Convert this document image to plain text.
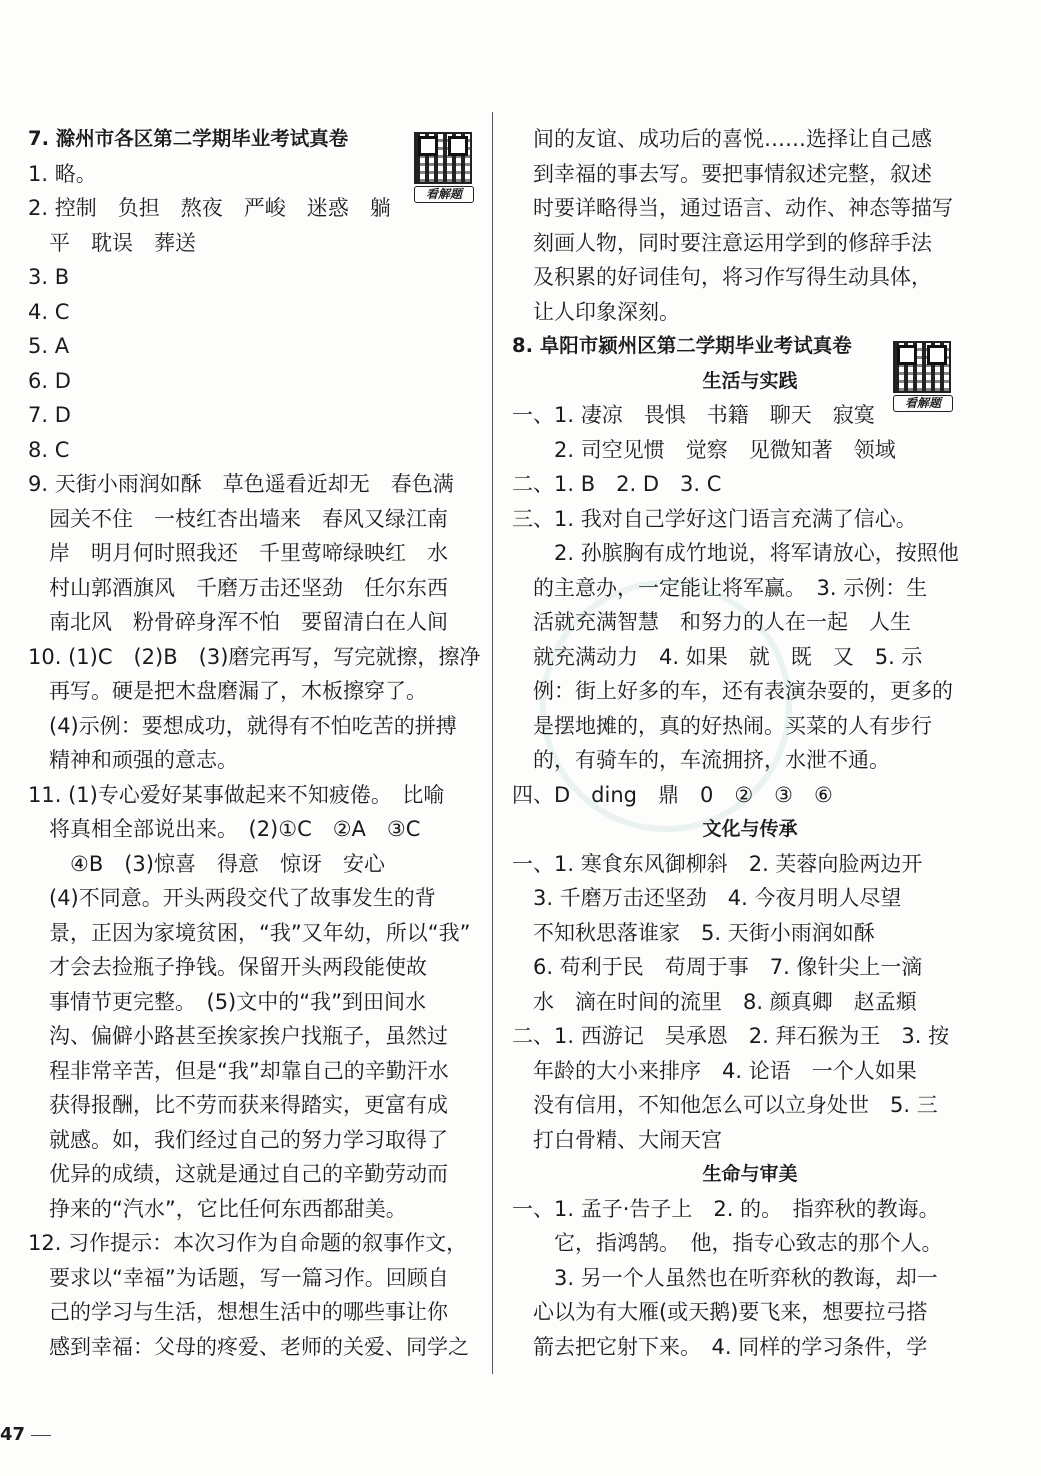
7. 滁州市各区第二学期毕业考试真卷
1. 略。
2. 控制　负担　熬夜　严峻　迷惑　躺
　平　耽误　葬送
3. B
4. C
5. A
6. D
7. D
8. C
9. 天街小雨润如酥　草色遥看近却无　春色满
　园关不住　一枝红杏出墙来　春风又绿江南
　岸　明月何时照我还　千里莺啼绿映红　水
　村山郭酒旗风　千磨万击还坚劲　任尔东西
　南北风　粉骨碎身浑不怕　要留清白在人间
10. (1)C　(2)B　(3)磨完再写，写完就擦，擦净
　再写。硬是把木盘磨漏了，木板擦穿了。
　(4)示例：要想成功，就得有不怕吃苦的拼搏
　精神和顽强的意志。
11. (1)专心爱好某事做起来不知疲倦。　比喻
　将真相全部说出来。　(2)①C　②A　③C
　　④B　(3)惊喜　得意　惊讶　安心
　(4)不同意。开头两段交代了故事发生的背
　景，正因为家境贫困，“我”又年幼，所以“我”
　才会去捡瓶子挣钱。保留开头两段能使故
　事情节更完整。　(5)文中的“我”到田间水
　沟、偏僻小路甚至挨家挨户找瓶子，虽然过
　程非常辛苦，但是“我”却靠自己的辛勤汗水
　获得报酬，比不劳而获来得踏实，更富有成
　就感。如，我们经过自己的努力学习取得了
　优异的成绩，这就是通过自己的辛勤劳动而
　挣来的“汽水”，它比任何东西都甜美。
12. 习作提示：本次习作为自命题的叙事作文，
　要求以“幸福”为话题，写一篇习作。回顾自
　己的学习与生活，想想生活中的哪些事让你
　感到幸福：父母的疼爱、老师的关爱、同学之
　间的友谊、成功后的喜悦……选择让自己感
　到幸福的事去写。要把事情叙述完整，叙述
　时要详略得当，通过语言、动作、神态等描写
　刻画人物，同时要注意运用学到的修辞手法
　及积累的好词佳句，将习作写得生动具体，
　让人印象深刻。
8. 阜阳市颍州区第二学期毕业考试真卷
生活与实践
一、1. 凄凉　畏惧　书籍　聊天　寂寞
　　2. 司空见惯　觉察　见微知著　领域
二、1. B　2. D　3. C
三、1. 我对自己学好这门语言充满了信心。
　　2. 孙膑胸有成竹地说，将军请放心，按照他
　的主意办，一定能让将军赢。　3. 示例：生
　活就充满智慧　和努力的人在一起　人生
　就充满动力　4. 如果　就　既　又　5. 示
　例：街上好多的车，还有表演杂耍的，更多的
　是摆地摊的，真的好热闹。买菜的人有步行
　的，有骑车的，车流拥挤，水泄不通。
四、D　ding　鼎　0　②　③　⑥
文化与传承
一、1. 寒食东风御柳斜　2. 芙蓉向脸两边开
　3. 千磨万击还坚劲　4. 今夜月明人尽望
　不知秋思落谁家　5. 天街小雨润如酥
　6. 苟利于民　苟周于事　7. 像针尖上一滴
　水　滴在时间的流里　8. 颜真卿　赵孟頫
二、1. 西游记　吴承恩　2. 拜石猴为王　3. 按
　年龄的大小来排序　4. 论语　一个人如果
　没有信用，不知他怎么可以立身处世　5. 三
　打白骨精、大闹天宫
生命与审美
一、1. 孟子·告子上　2. 的。　指弈秋的教诲。
　　它，指鸿鹄。　他，指专心致志的那个人。
　　3. 另一个人虽然也在听弈秋的教诲，却一
　心以为有大雁(或天鹅)要飞来，想要拉弓搭
　箭去把它射下来。　4. 同样的学习条件，学
看解题
看解题
47
